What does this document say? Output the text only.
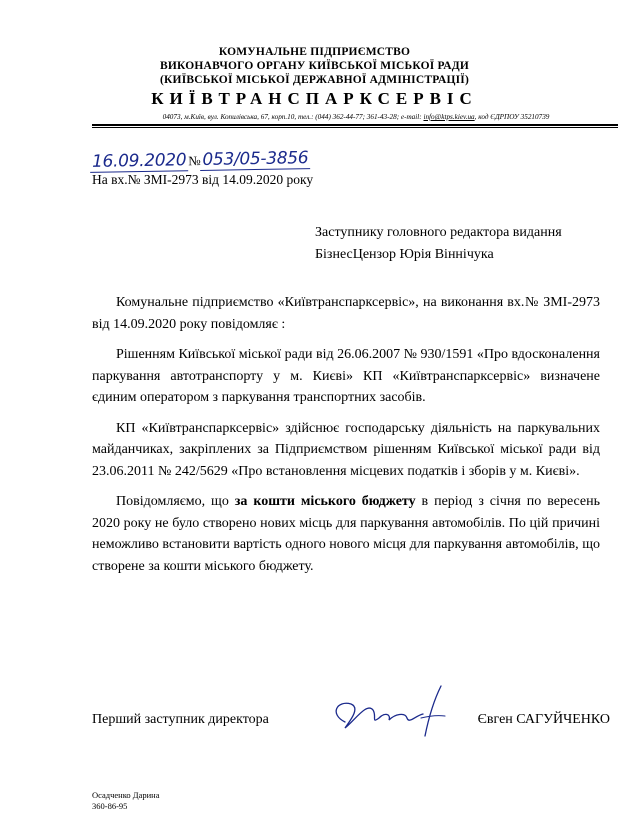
КОМУНАЛЬНЕ ПІДПРИЄМСТВО
ВИКОНАВЧОГО ОРГАНУ КИЇВСЬКОЇ МІСЬКОЇ РАДИ
(КИЇВСЬКОЇ МІСЬКОЇ ДЕРЖАВНОЇ АДМІНІСТРАЦІЇ)
КИЇВТРАНСПАРКСЕРВІС
04073, м.Київ, вул. Копилівська, 67, корп.10, тел.: (044) 362-44-77; 361-43-28; e-mail: info@ktps.kiev.ua, код ЄДРПОУ 35210739
16.09.2020 №053/05-3856
На вх.№ ЗМІ-2973 від 14.09.2020 року
Заступнику головного редактора видання
БізнесЦензор Юрія Віннічука

Комунальне підприємство «Київтранспарксервіс», на виконання вх.№ ЗМІ-2973 від 14.09.2020 року повідомляє :

Рішенням Київської міської ради від 26.06.2007 № 930/1591 «Про вдосконалення паркування автотранспорту у м. Києві» КП «Київтранспарксервіс» визначене єдиним оператором з паркування транспортних засобів.

КП «Київтранспарксервіс» здійснює господарську діяльність на паркувальних майданчиках, закріплених за Підприємством рішенням Київської міської ради від 23.06.2011 № 242/5629 «Про встановлення місцевих податків і зборів у м. Києві».

Повідомляємо, що за кошти міського бюджету в період з січня по вересень 2020 року не було створено нових місць для паркування автомобілів. По цій причині неможливо встановити вартість одного нового місця для паркування автомобілів, що створене за кошти міського бюджету.

Перший заступник директора	Євген САГУЙЧЕНКО
Осадченко Дарина
360-86-95
